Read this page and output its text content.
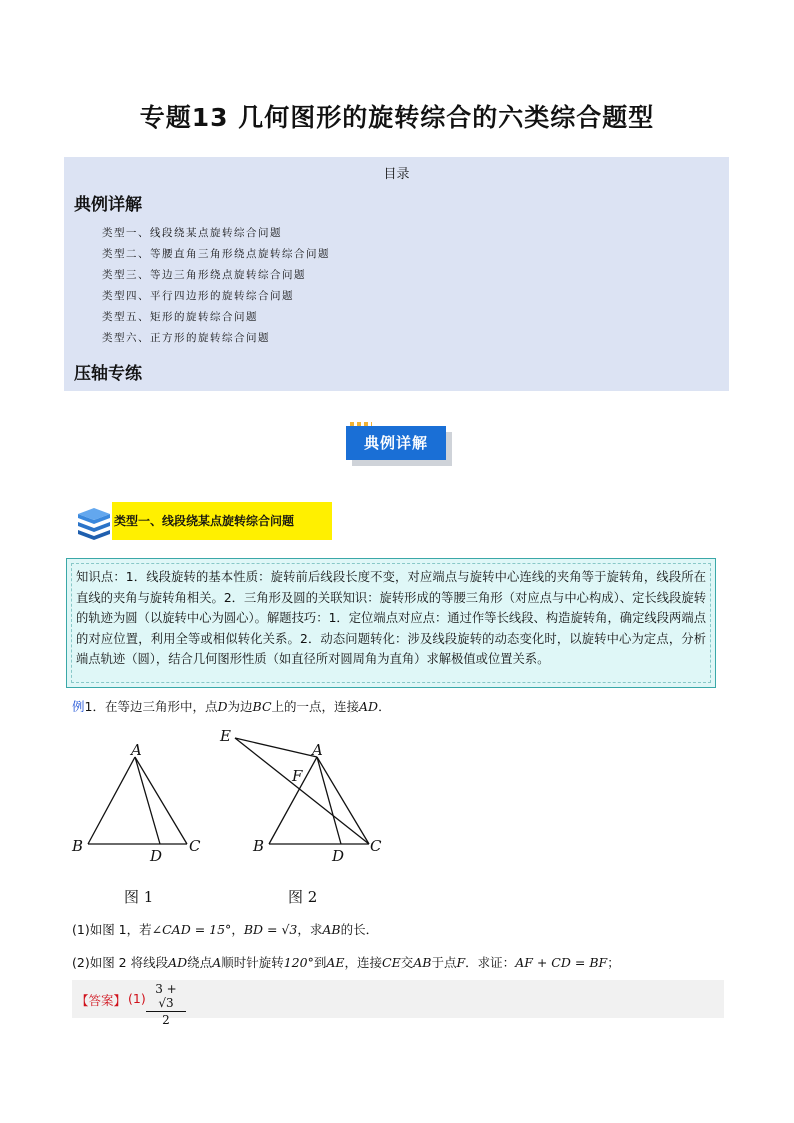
专题13 几何图形的旋转综合的六类综合题型
目录
典例详解
类型一、线段绕某点旋转综合问题
类型二、等腰直角三角形绕点旋转综合问题
类型三、等边三角形绕点旋转综合问题
类型四、平行四边形的旋转综合问题
类型五、矩形的旋转综合问题
类型六、正方形的旋转综合问题
压轴专练
典例详解
类型一、线段绕某点旋转综合问题
知识点：1．线段旋转的基本性质：旋转前后线段长度不变，对应端点与旋转中心连线的夹角等于旋转角，线段所在直线的夹角与旋转角相关。2．三角形及圆的关联知识：旋转形成的等腰三角形（对应点与中心构成）、定长线段旋转的轨迹为圆（以旋转中心为圆心）。解题技巧：1．定位端点对应点：通过作等长线段、构造旋转角，确定线段两端点的对应位置，利用全等或相似转化关系。2．动态问题转化：涉及线段旋转的动态变化时，以旋转中心为定点，分析端点轨迹（圆），结合几何图形性质（如直径所对圆周角为直角）求解极值或位置关系。
例1．在等边三角形中，点D为边BC上的一点，连接AD．
A
B	C
D
E
A
F
B	C
D
图 1	图 2
(1)如图 1，若∠CAD = 15°，BD = √3，求AB的长．
(2)如图 2 将线段AD绕点A顺时针旋转120°到AE，连接CE交AB于点F．求证：AF + CD = BF；
【答案】 $(1) \frac{3 + √3}{2}$
